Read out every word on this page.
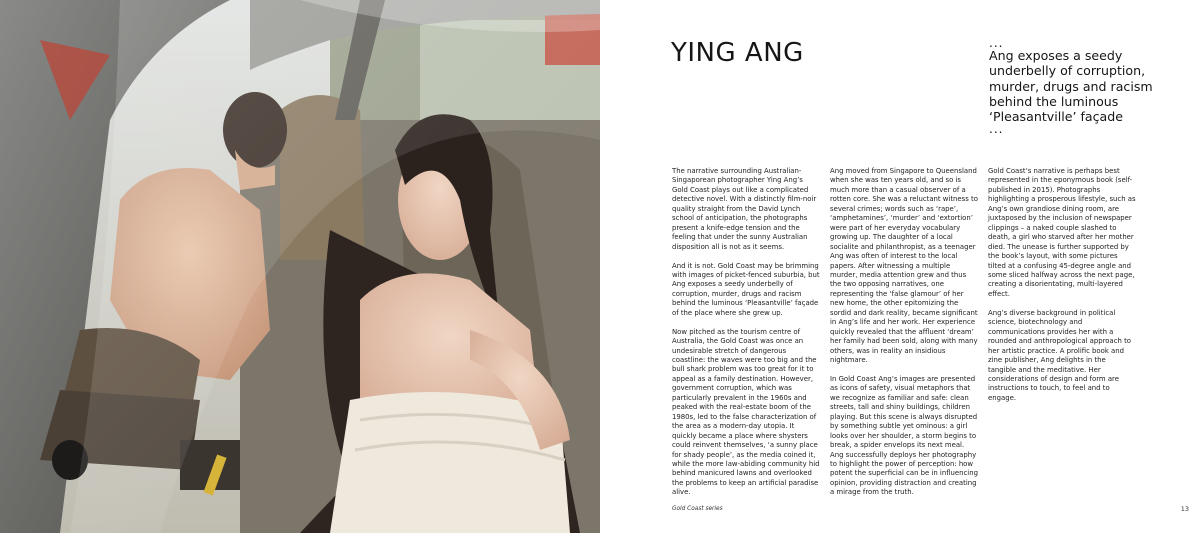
YING ANG	...
Ang exposes a seedy underbelly of corruption, murder, drugs and racism behind the luminous ‘Pleasantville’ façade
...

The narrative surrounding Australian-Singaporean photographer Ying Ang’s Gold Coast plays out like a complicated detective novel. With a distinctly film-noir quality straight from the David Lynch school of anticipation, the photographs present a knife-edge tension and the feeling that under the sunny Australian disposition all is not as it seems.

And it is not. Gold Coast may be brimming with images of picket-fenced suburbia, but Ang exposes a seedy underbelly of corruption, murder, drugs and racism behind the luminous ‘Pleasantville’ façade of the place where she grew up.

Now pitched as the tourism centre of Australia, the Gold Coast was once an undesirable stretch of dangerous coastline: the waves were too big and the bull shark problem was too great for it to appeal as a family destination. However, government corruption, which was particularly prevalent in the 1960s and peaked with the real-estate boom of the 1980s, led to the false characterization of the area as a modern-day utopia. It quickly became a place where shysters could reinvent themselves, ‘a sunny place for shady people’, as the media coined it, while the more law-abiding community hid behind manicured lawns and overlooked the problems to keep an artificial paradise alive.

Ang moved from Singapore to Queensland when she was ten years old, and so is much more than a casual observer of a rotten core. She was a reluctant witness to several crimes; words such as ‘rape’, ‘amphetamines’, ‘murder’ and ‘extortion’ were part of her everyday vocabulary growing up. The daughter of a local socialite and philanthropist, as a teenager Ang was often of interest to the local papers. After witnessing a multiple murder, media attention grew and thus the two opposing narratives, one representing the ‘false glamour’ of her new home, the other epitomizing the sordid and dark reality, became significant in Ang’s life and her work. Her experience quickly revealed that the affluent ‘dream’ her family had been sold, along with many others, was in reality an insidious nightmare.

In Gold Coast Ang’s images are presented as icons of safety, visual metaphors that we recognize as familiar and safe: clean streets, tall and shiny buildings, children playing. But this scene is always disrupted by something subtle yet ominous: a girl looks over her shoulder, a storm begins to break, a spider envelops its next meal. Ang successfully deploys her photography to highlight the power of perception: how potent the superficial can be in influencing opinion, providing distraction and creating a mirage from the truth.

Gold Coast’s narrative is perhaps best represented in the eponymous book (self-published in 2015). Photographs highlighting a prosperous lifestyle, such as Ang’s own grandiose dining room, are juxtaposed by the inclusion of newspaper clippings – a naked couple slashed to death, a girl who starved after her mother died. The unease is further supported by the book’s layout, with some pictures tilted at a confusing 45-degree angle and some sliced halfway across the next page, creating a disorientating, multi-layered effect.

Ang’s diverse background in political science, biotechnology and communications provides her with a rounded and anthropological approach to her artistic practice. A prolific book and zine publisher, Ang delights in the tangible and the meditative. Her considerations of design and form are instructions to touch, to feel and to engage.

Gold Coast series	13
